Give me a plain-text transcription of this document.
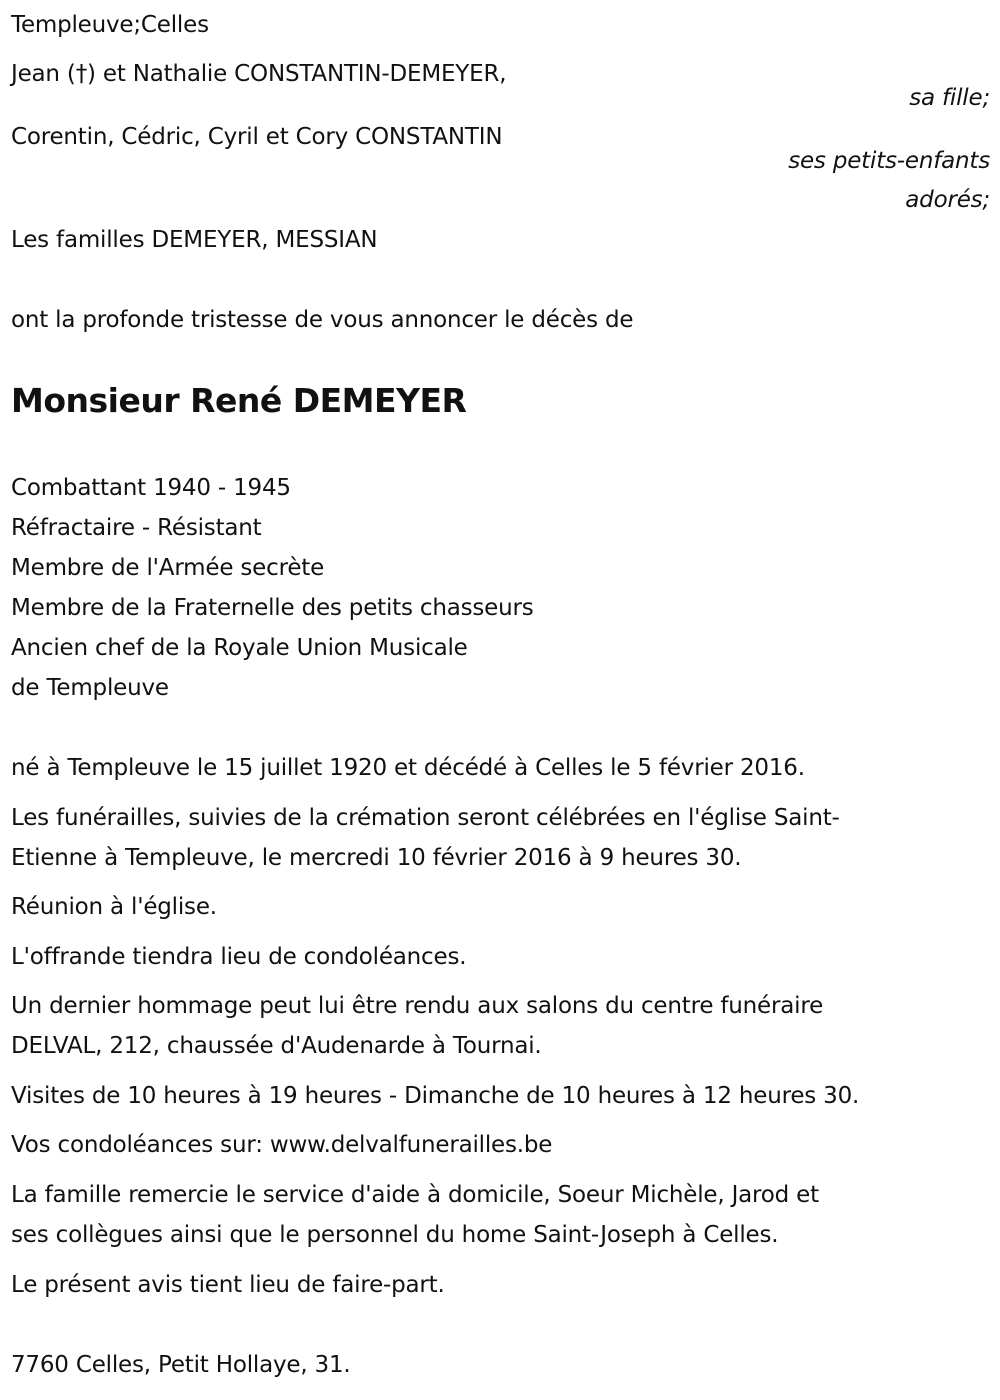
Templeuve;Celles
Jean (†) et Nathalie CONSTANTIN-DEMEYER,
sa fille;
Corentin, Cédric, Cyril et Cory CONSTANTIN
ses petits-enfants
adorés;
Les familles DEMEYER, MESSIAN
ont la profonde tristesse de vous annoncer le décès de
Monsieur René DEMEYER
Combattant 1940 - 1945
Réfractaire - Résistant
Membre de l'Armée secrète
Membre de la Fraternelle des petits chasseurs
Ancien chef de la Royale Union Musicale
de Templeuve
né à Templeuve le 15 juillet 1920 et décédé à Celles le 5 février 2016.
Les funérailles, suivies de la crémation seront célébrées en l'église Saint-
Etienne à Templeuve, le mercredi 10 février 2016 à 9 heures 30.
Réunion à l'église.
L'offrande tiendra lieu de condoléances.
Un dernier hommage peut lui être rendu aux salons du centre funéraire
DELVAL, 212, chaussée d'Audenarde à Tournai.
Visites de 10 heures à 19 heures - Dimanche de 10 heures à 12 heures 30.
Vos condoléances sur: www.delvalfunerailles.be
La famille remercie le service d'aide à domicile, Soeur Michèle, Jarod et
ses collègues ainsi que le personnel du home Saint-Joseph à Celles.
Le présent avis tient lieu de faire-part.
7760 Celles, Petit Hollaye, 31.
